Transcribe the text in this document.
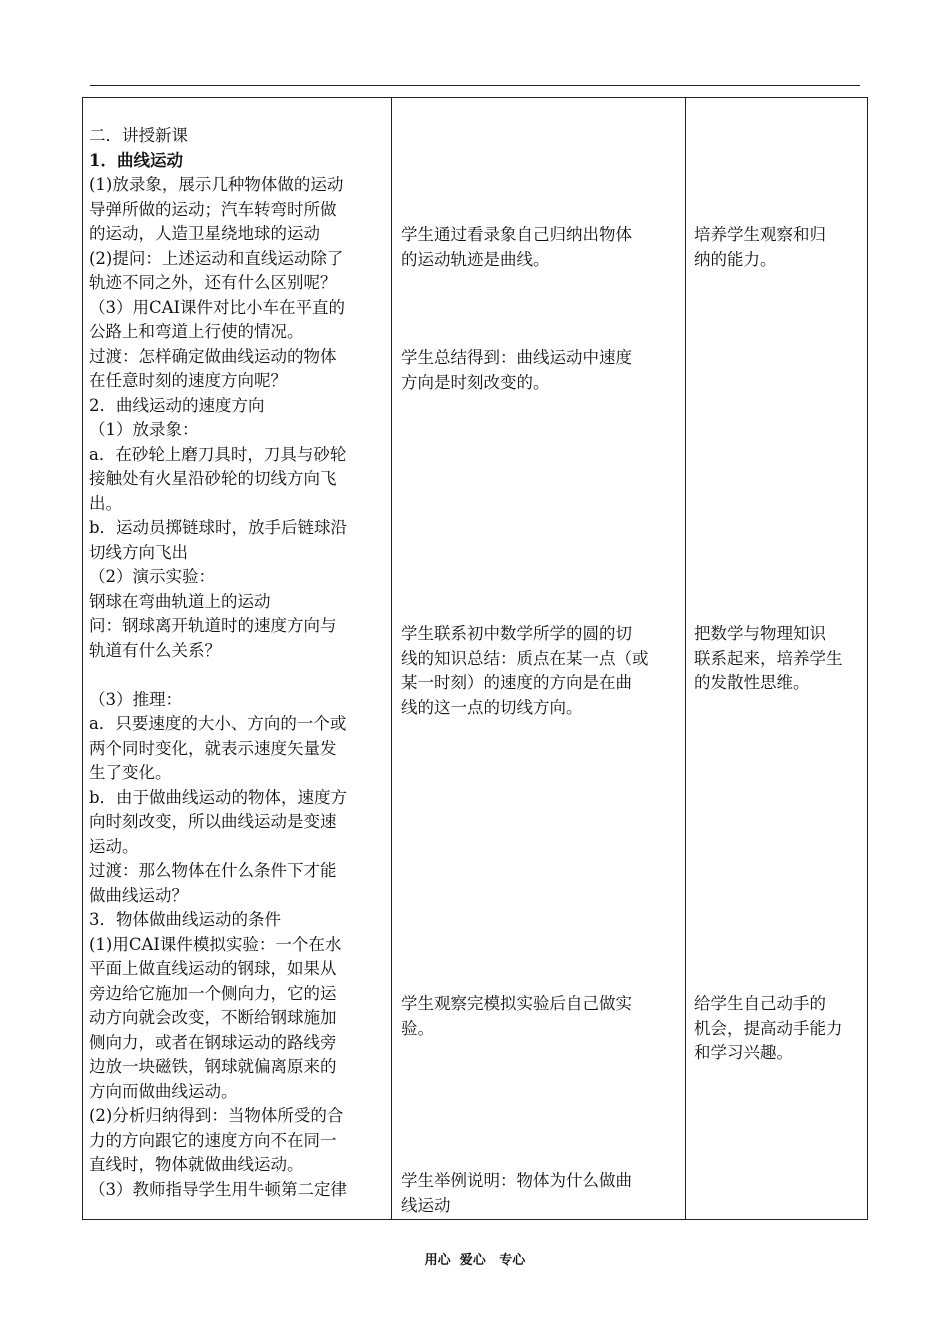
二．讲授新课

1．曲线运动

(1)放录象，展示几种物体做的运动

导弹所做的运动；汽车转弯时所做

的运动，人造卫星绕地球的运动

(2)提问：上述运动和直线运动除了

轨迹不同之外，还有什么区别呢？

（3）用CAI课件对比小车在平直的

公路上和弯道上行使的情况。

过渡：怎样确定做曲线运动的物体

在任意时刻的速度方向呢？

2．曲线运动的速度方向

（1）放录象：

a．在砂轮上磨刀具时，刀具与砂轮

接触处有火星沿砂轮的切线方向飞

出。

b．运动员掷链球时，放手后链球沿

切线方向飞出

（2）演示实验：

钢球在弯曲轨道上的运动

问：钢球离开轨道时的速度方向与

轨道有什么关系？

（3）推理：

a．只要速度的大小、方向的一个或

两个同时变化，就表示速度矢量发

生了变化。

b．由于做曲线运动的物体，速度方

向时刻改变，所以曲线运动是变速

运动。

过渡：那么物体在什么条件下才能

做曲线运动？

3．物体做曲线运动的条件

(1)用CAI课件模拟实验：一个在水

平面上做直线运动的钢球，如果从

旁边给它施加一个侧向力，它的运

动方向就会改变，不断给钢球施加

侧向力，或者在钢球运动的路线旁

边放一块磁铁，钢球就偏离原来的

方向而做曲线运动。

(2)分析归纳得到：当物体所受的合

力的方向跟它的速度方向不在同一

直线时，物体就做曲线运动。

（3）教师指导学生用牛顿第二定律

学生通过看录象自己归纳出物体

的运动轨迹是曲线。

学生总结得到：曲线运动中速度

方向是时刻改变的。

学生联系初中数学所学的圆的切

线的知识总结：质点在某一点（或

某一时刻）的速度的方向是在曲

线的这一点的切线方向。

学生观察完模拟实验后自己做实

验。

学生举例说明：物体为什么做曲

线运动

培养学生观察和归

纳的能力。

把数学与物理知识

联系起来，培养学生

的发散性思维。

给学生自己动手的

机会，提高动手能力

和学习兴趣。

用心  爱心   专心
